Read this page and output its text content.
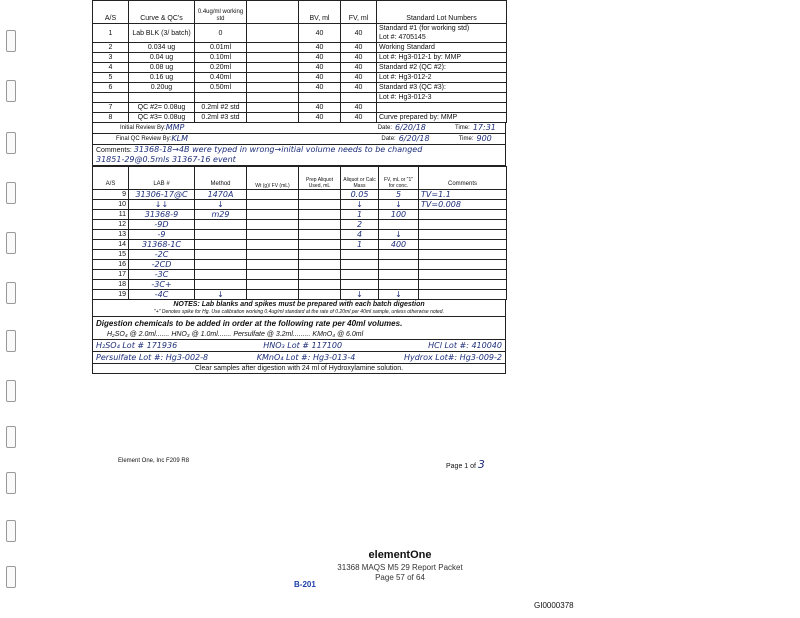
A/S	Curve & QC's	0.4ug/ml working std		BV, ml	FV, ml	Standard Lot Numbers
1	Lab BLK (3/ batch)	0		40	40	Standard #1 (for working std)
Lot #: 4705145

2	0.034 ug	0.01ml		40	40	Working Standard
3	0.04 ug	0.10ml		40	40	Lot #: Hg3-012-1 by: MMP
4	0.08 ug	0.20ml		40	40	Standard #2 (QC #2):
5	0.16 ug	0.40ml		40	40	Lot #: Hg3-012-2
6	0.20ug	0.50ml		40	40	Standard #3 (QC #3):
						Lot #: Hg3-012-3
7	QC #2= 0.08ug	0.2ml #2 std		40	40	
8	QC #3= 0.08ug	0.2ml #3 std		40	40	Curve prepared by: MMP
Initial Review By: MMP	Date: 6/20/18	Time: 17:31
Final QC Review By: KLM	Date: 6/20/18	Time: 900
Comments: 31368-18→4B were typed in wrong→initial volume needs to be changed
31851-29@0.5mls 31367-16 event
A/S	LAB #	Method	Wt (g)/ FV (mL)	Prep Aliquot Used, mL	Aliquot or Calc Mass	FV, mL or "1" for conc.	Comments
9	31306-17@C	1470A			0.05	5	TV=1.1
10	↓↓	↓			↓	↓	TV=0.008
11	31368-9	m29			1	100	
12	-9D				2		
13	-9				4	↓	
14	31368-1C				1	400	
15	-2C						
16	-2CD						
17	-3C						
18	-3C+						
19	-4C	↓			↓	↓	
NOTES: Lab blanks and spikes must be prepared with each batch digestion
"+" Denotes spike for Hg. Use calibration working 0.4ug/ml standard at the rate of 0.20ml per 40ml sample, unless otherwise noted.
Digestion chemicals to be added in order at the following rate per 40ml volumes.
H₂SO₄ @ 2.0ml....... HNO₃ @ 1.0ml....... Persulfate @ 3.2ml......... KMnO₄ @ 6.0ml
H₂SO₄ Lot # 171936	HNO₃ Lot # 117100	HCl Lot #: 410040
Persulfate Lot #: Hg3-002-8	KMnO₄ Lot #: Hg3-013-4	Hydrox Lot#: Hg3-009-2
Clear samples after digestion with 24 ml of Hydroxylamine solution.
Element One, Inc F209 R8
Page 1 of 3
elementOne
31368 MAQS M5 29 Report Packet
Page 57 of 64
B-201
GI0000378
